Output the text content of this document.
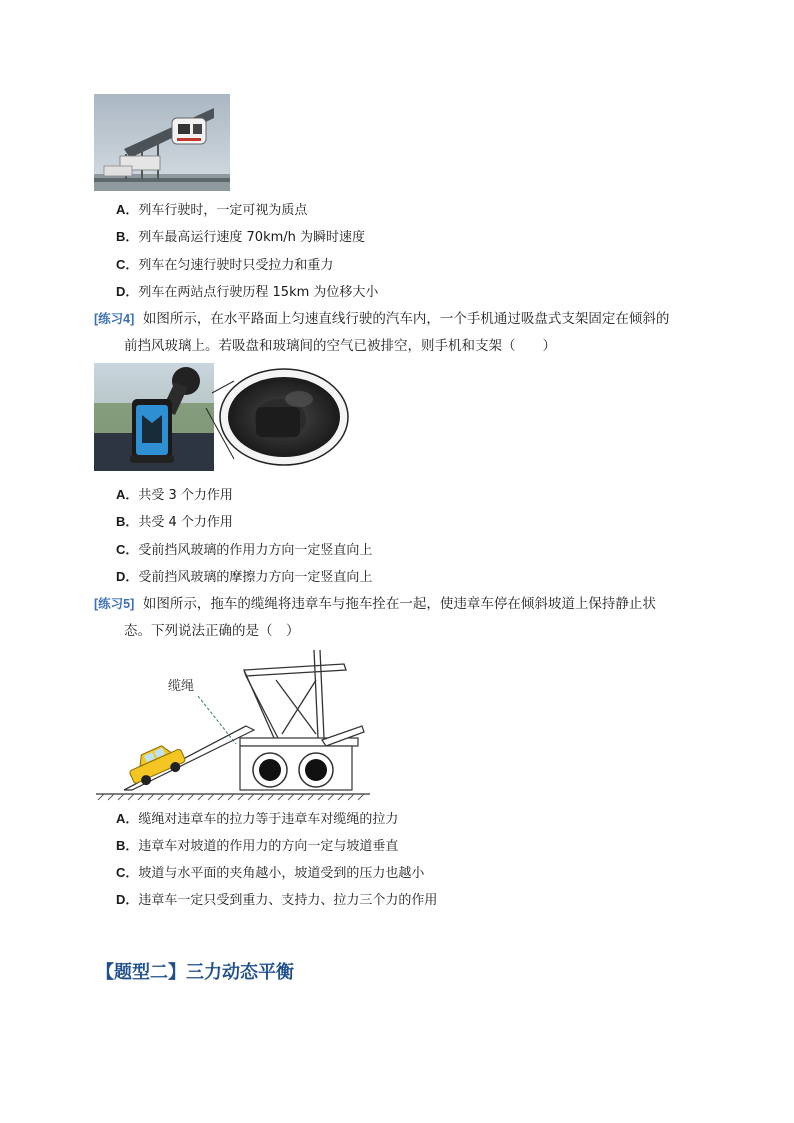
A．列车行驶时，一定可视为质点
B．列车最高运行速度 70km/h 为瞬时速度
C．列车在匀速行驶时只受拉力和重力
D．列车在两站点行驶历程 15km 为位移大小
[练习4] 如图所示，在水平路面上匀速直线行驶的汽车内，一个手机通过吸盘式支架固定在倾斜的
前挡风玻璃上。若吸盘和玻璃间的空气已被排空，则手机和支架（　　）
A．共受 3 个力作用
B．共受 4 个力作用
C．受前挡风玻璃的作用力方向一定竖直向上
D．受前挡风玻璃的摩擦力方向一定竖直向上
[练习5] 如图所示，拖车的缆绳将违章车与拖车拴在一起，使违章车停在倾斜坡道上保持静止状
态。下列说法正确的是（　）
缆绳
A．缆绳对违章车的拉力等于违章车对缆绳的拉力
B．违章车对坡道的作用力的方向一定与坡道垂直
C．坡道与水平面的夹角越小，坡道受到的压力也越小
D．违章车一定只受到重力、支持力、拉力三个力的作用
【题型二】三力动态平衡
